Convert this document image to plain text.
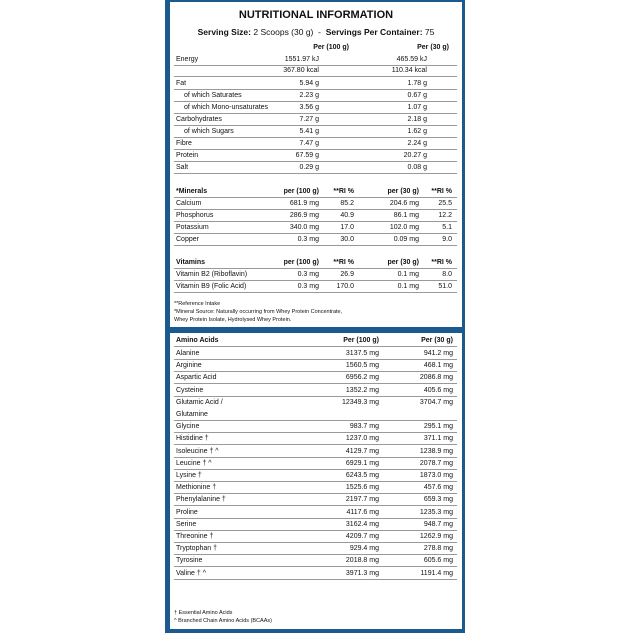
NUTRITIONAL INFORMATION
Serving Size: 2 Scoops (30 g) - Servings Per Container: 75
Per (100 g)	Per (30 g)
Energy	1551.97 kJ	465.59 kJ
367.80 kcal	110.34 kcal
Fat	5.94 g	1.78 g
of which Saturates	2.23 g	0.67 g
of which Mono-unsaturates	3.56 g	1.07 g
Carbohydrates	7.27 g	2.18 g
of which Sugars	5.41 g	1.62 g
Fibre	7.47 g	2.24 g
Protein	67.59 g	20.27 g
Salt	0.29 g	0.08 g
*Minerals	per (100 g)	**RI %	per (30 g)	**RI %
Calcium	681.9 mg	85.2	204.6 mg	25.5
Phosphorus	286.9 mg	40.9	86.1 mg	12.2
Potassium	340.0 mg	17.0	102.0 mg	5.1
Copper	0.3 mg	30.0	0.09 mg	9.0
Vitamins	per (100 g)	**RI %	per (30 g)	**RI %
Vitamin B2 (Riboflavin)	0.3 mg	26.9	0.1 mg	8.0
Vitamin B9 (Folic Acid)	0.3 mg	170.0	0.1 mg	51.0
**Reference Intake
*Mineral Source: Naturally occurring from Whey Protein Concentrate,
Whey Protein Isolate, Hydrolysed Whey Protein.
Amino Acids	Per (100 g)	Per (30 g)
Alanine	3137.5 mg	941.2 mg
Arginine	1560.5 mg	468.1 mg
Aspartic Acid	6956.2 mg	2086.8 mg
Cysteine	1352.2 mg	405.6 mg
Glutamic Acid /	12349.3 mg	3704.7 mg
Glutamine
Glycine	983.7 mg	295.1 mg
Histidine †	1237.0 mg	371.1 mg
Isoleucine † ^	4129.7 mg	1238.9 mg
Leucine † ^	6929.1 mg	2078.7 mg
Lysine †	6243.5 mg	1873.0 mg
Methionine †	1525.6 mg	457.6 mg
Phenylalanine †	2197.7 mg	659.3 mg
Proline	4117.6 mg	1235.3 mg
Serine	3162.4 mg	948.7 mg
Threonine †	4209.7 mg	1262.9 mg
Tryptophan †	929.4 mg	278.8 mg
Tyrosine	2018.8 mg	605.6 mg
Valine † ^	3971.3 mg	1191.4 mg
† Essential Amino Acids
^ Branched Chain Amino Acids (BCAAs)
